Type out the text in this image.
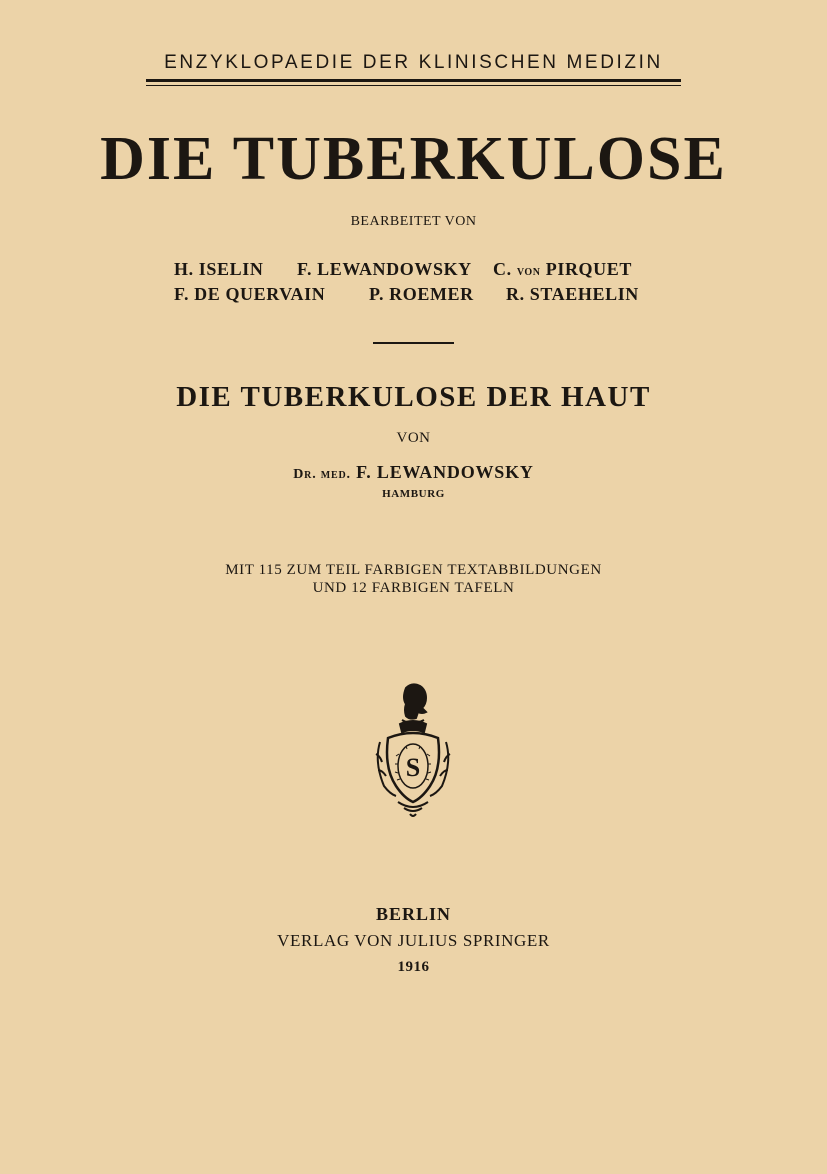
ENZYKLOPAEDIE DER KLINISCHEN MEDIZIN
DIE TUBERKULOSE
BEARBEITET VON
H. ISELIN F. LEWANDOWSKY C. von PIRQUET
F. DE QUERVAIN P. ROEMER R. STAEHELIN
DIE TUBERKULOSE DER HAUT
VON
Dr. med. F. LEWANDOWSKY
HAMBURG
MIT 115 ZUM TEIL FARBIGEN TEXTABBILDUNGEN
UND 12 FARBIGEN TAFELN
S
BERLIN
VERLAG VON JULIUS SPRINGER
1916
